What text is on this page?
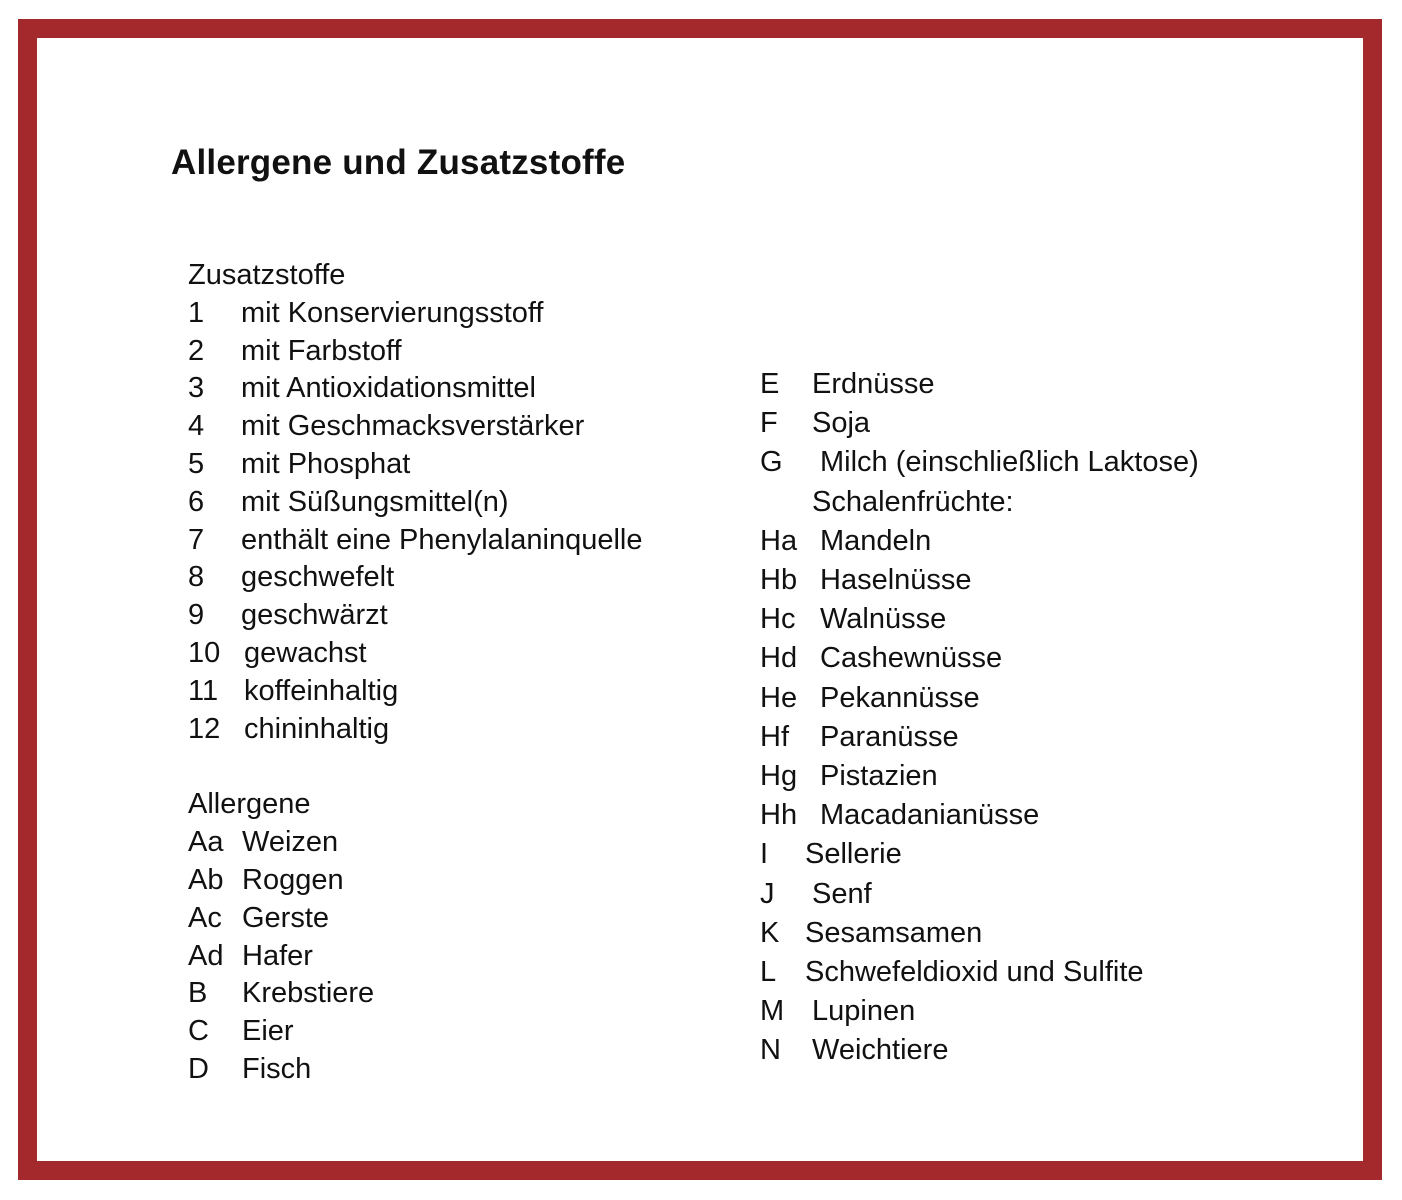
Allergene und Zusatzstoffe
Zusatzstoffe
1	mit Konservierungsstoff
2	mit Farbstoff
3	mit Antioxidationsmittel
4	mit Geschmacksverstärker
5	mit Phosphat
6	mit Süßungsmittel(n)
7	enthält eine Phenylalaninquelle
8	geschwefelt
9	geschwärzt
10 gewachst
11 koffeinhaltig
12 chininhaltig
Allergene
Aa Weizen
Ab Roggen
Ac Gerste
Ad Hafer
B	Krebstiere
C	Eier
D	Fisch
E	Erdnüsse
F	Soja
G	Milch (einschließlich Laktose)
Schalenfrüchte:
Ha Mandeln
Hb Haselnüsse
Hc Walnüsse
Hd Cashewnüsse
He Pekannüsse
Hf	Paranüsse
Hg Pistazien
Hh Macadanianüsse
I	Sellerie
J	Senf
K Sesamsamen
L Schwefeldioxid und Sulfite
M Lupinen
N	Weichtiere
